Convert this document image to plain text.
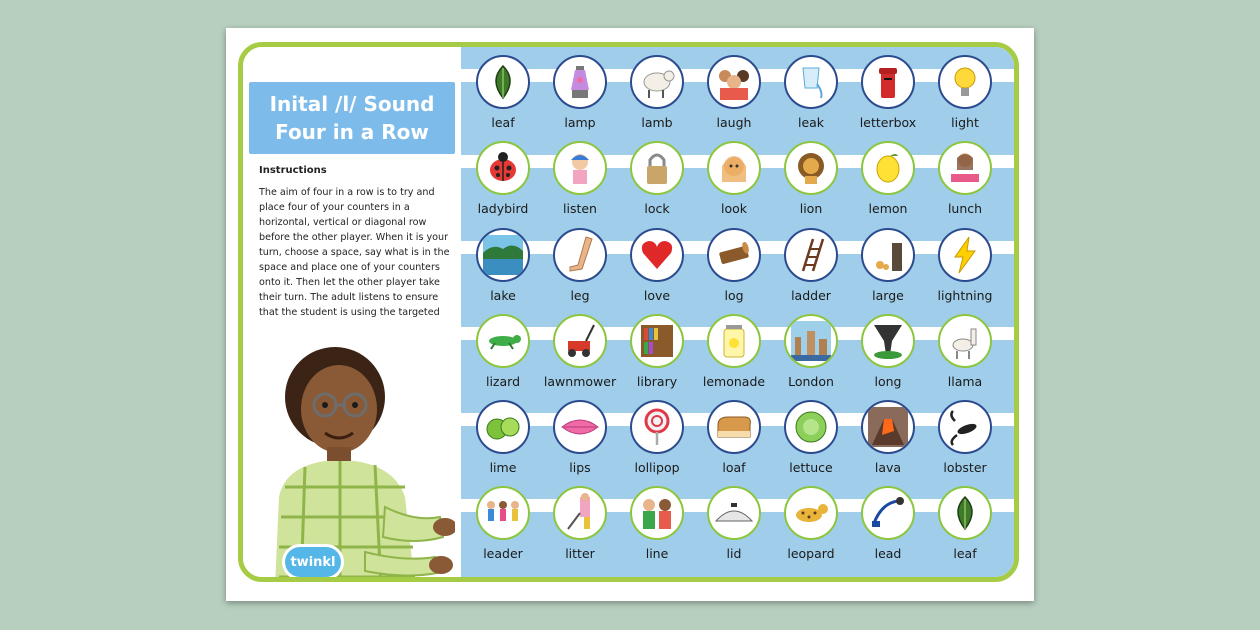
Inital /l/ Sound
Four in a Row
Instructions
The aim of four in a row is to try and place four of your counters in a horizontal, vertical or diagonal row before the other player. When it is your turn, choose a space, say what is in the space and place one of your counters onto it. Then let the other player take their turn. The adult listens to ensure that the student is using the targeted
twinkl
leaf	lamp	lamb	laugh	leak	letterbox	light
ladybird	listen	lock	look	lion	lemon	lunch
lake	leg	love	log	ladder	large	lightning
lizard	lawnmower	library	lemonade	London	long	llama
lime	lips	lollipop	loaf	lettuce	lava	lobster
leader	litter	line	lid	leopard	lead	leaf
